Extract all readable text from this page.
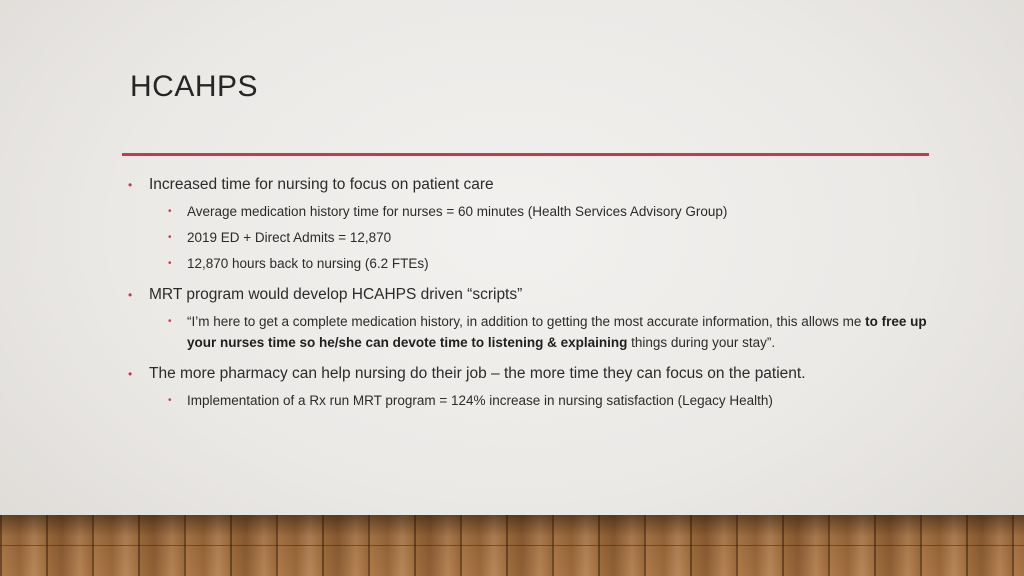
HCAHPS
• Increased time for nursing to focus on patient care
• Average medication history time for nurses = 60 minutes (Health Services Advisory Group)
• 2019 ED + Direct Admits = 12,870
• 12,870 hours back to nursing (6.2 FTEs)
• MRT program would develop HCAHPS driven “scripts”
• “I’m here to get a complete medication history, in addition to getting the most accurate information, this allows me to free up your nurses time so he/she can devote time to listening & explaining things during your stay”.
• The more pharmacy can help nursing do their job – the more time they can focus on the patient.
• Implementation of a Rx run MRT program = 124% increase in nursing satisfaction (Legacy Health)
